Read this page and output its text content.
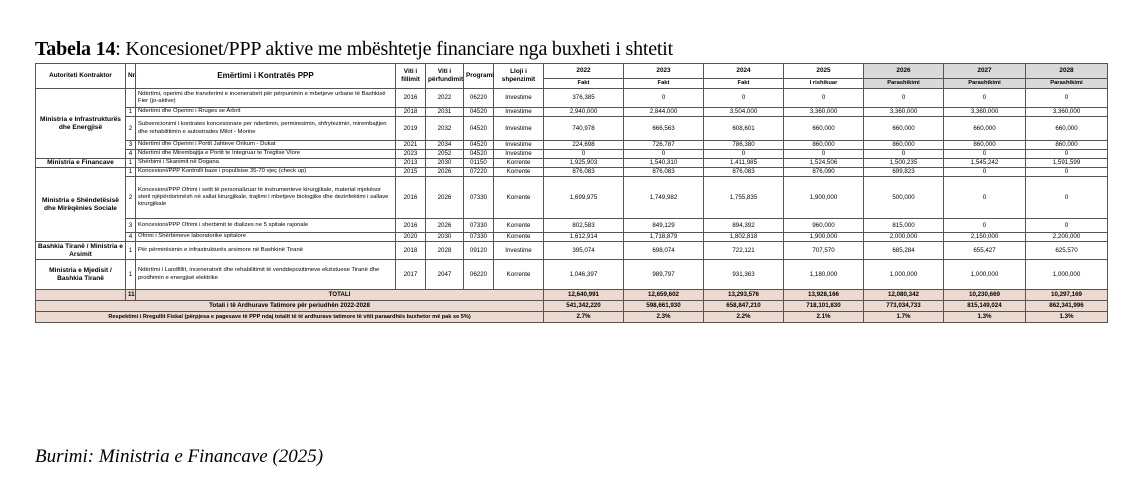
Tabela 14: Koncesionet/PPP aktive me mbështetje financiare nga buxheti i shtetit
Autoriteti Kontraktor	Nr.	Emërtimi i Kontratës PPP	Viti i fillimit	Viti i përfundimit	Programi	Lloji i shpenzimit	2022	2023	2024	2025	2026	2027	2028
							Fakt	Fakt	Fakt	I rishikuar	Parashikimi	Parashikimi	Parashikimi
Ministria e Infrastrukturës dhe Energjisë		Ndërtimi, operimi dhe transferimi e inceneratorit për përpunimin e mbetjeve urbane të Bashkisë Fier (jo-aktive)	2016	2022	06220	Investime	376,385	0	0	0	0	0	0
	1	Ndertimi dhe Operimi i Rruges se Arbrit	2018	2031	04520	Investime	2,940,000	2,844,000	3,504,000	3,360,000	3,360,000	3,360,000	3,360,000
	2	Subvencionimi i kontrates koncesionare per ndertimin, permiresimin, shfrytezimin, mirembajtjen dhe rehabilitimin e autostrades Milot - Morine	2019	2032	04520	Investime	740,978	666,563	608,601	660,000	660,000	660,000	660,000
	3	Ndertimi dhe Operimi i Portit Jahteve Orikum - Dukat	2021	2034	04520	Investime	224,698	726,787	786,380	860,000	860,000	860,000	860,000
	4	Ndertimi dhe Mirembajtja e Portit te Integruar te Tregtise Vlore	2023	2052	04520	Investime	0	0	0	0	0	0	0
Ministria e Financave	1	Shërbimi i Skanimit në Dogana	2013	2030	01150	Korrente	1,925,903	1,540,310	1,411,985	1,524,506	1,500,235	1,545,242	1,591,599
Ministria e Shëndetësisë dhe Mirëqënies Sociale	1	Koncesioni/PPP Kontrolli baze i popullsise 35-70 vjeç (check up)	2015	2026	07220	Korrente	876,083	876,083	876,083	876,090	699,823	0	0
	2	Koncesioni/PPP Ofrimi i setit të personalizuar të instrumenteve kirurgjikale, material mjekësor steril njëpërdorimësh në sallat kirurgjikale, trajtimi i mbetjeve biologjike dhe dezinfektimi i sallave kirurgjikale	2016	2026	07330	Korrente	1,699,975	1,749,982	1,755,835	1,900,000	500,000	0	0
	3	Koncesioni/PPP Ofrimi i sherbimit te dializes ne 5 spitale rajonale	2016	2026	07330	Korrente	802,583	849,129	894,392	960,000	815,000	0	0
	4	Ofrimi i Shërbimeve laboratorike spitalore	2020	2030	07330	Korrente	1,612,914	1,718,879	1,802,818	1,900,000	2,000,000	2,150,000	2,200,000
Bashkia Tiranë / Ministria e Arsimit	1	Për përmirësimin e infrastrukturës arsimore në Bashkinë Tiranë	2018	2028	09120	Investime	395,074	698,074	722,121	707,570	685,284	655,427	625,570
Ministria e Mjedisit / Bashkia Tiranë	1	Ndërtimi i Landfillit, inceneratorit dhe rehabilitimit të venddepozitimeve ekzistuese Tiranë dhe prodhimin e energjisë elektrike	2017	2047	06220	Korrente	1,046,397	989,797	931,363	1,180,000	1,000,000	1,000,000	1,000,000
	11	TOTALI					12,640,991	12,659,602	13,293,576	13,928,166	12,080,342	10,230,669	10,297,169
Totali i të Ardhurave Tatimore për periudhën 2022-2028							541,342,220	598,661,930	658,847,210	718,101,830	773,034,733	815,149,024	862,341,996
Respektimi i Rregullit Fiskal (përpjesa e pagesave të PPP ndaj totalit të të ardhurave tatimore të vitit paraardhës buxhetor më pak se 5%)							2.7%	2.3%	2.2%	2.1%	1.7%	1.3%	1.3%
Burimi: Ministria e Financave (2025)
